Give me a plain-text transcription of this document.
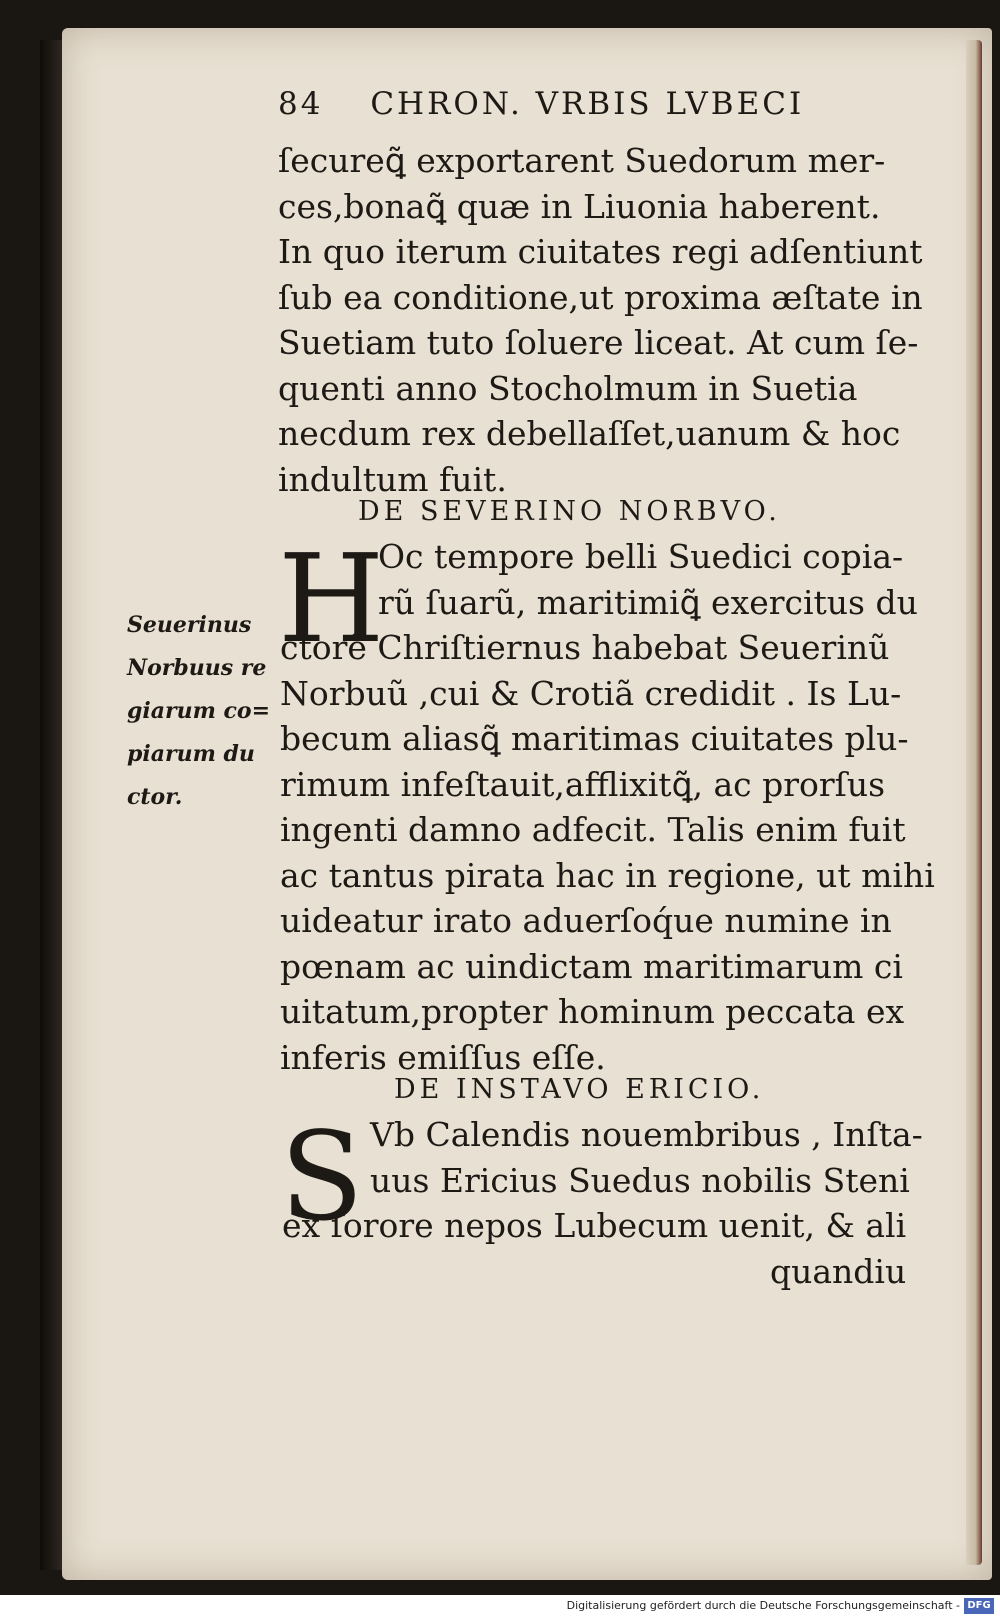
84 CHRON. VRBIS LVBECI
ſecureꝗ̃ exportarent Suedorum mer-
ces,bonaꝗ̃ quæ in Liuonia haberent.
In quo iterum ciuitates regi adſentiunt
ſub ea conditione,ut proxima æſtate in
Suetiam tuto ſoluere liceat. At cum ſe-
quenti anno Stocholmum in Suetia
necdum rex debellaſſet,uanum & hoc
indultum fuit.
DE SEVERINO NORBVO.
H
Oc tempore belli Suedici copia-
rũ ſuarũ, maritimiꝗ̃ exercitus du
ctorẽ Chriſtiernus habebat Seuerinũ
Norbuũ ,cui & Crotiã credidit . Is Lu-
becum aliasꝗ̃ maritimas ciuitates plu-
rimum infeſtauit,afflixitꝗ̃, ac prorſus
ingenti damno adfecit. Talis enim fuit
ac tantus pirata hac in regione, ut mihi
uideatur irato aduerſoq́ue numine in
pœnam ac uindictam maritimarum ci
uitatum,propter hominum peccata ex
inferis emiſſus eſſe.
Seuerinus
Norbuus re
giarum co=
piarum du
ctor.
DE INSTAVO ERICIO.
S Vb Calendis nouembribus , Inſta-
uus Ericius Suedus nobilis Steni
ex ſorore nepos Lubecum uenit, & ali
quandiu
Digitalisierung gefördert durch die Deutsche Forschungsgemeinschaft - DFG
